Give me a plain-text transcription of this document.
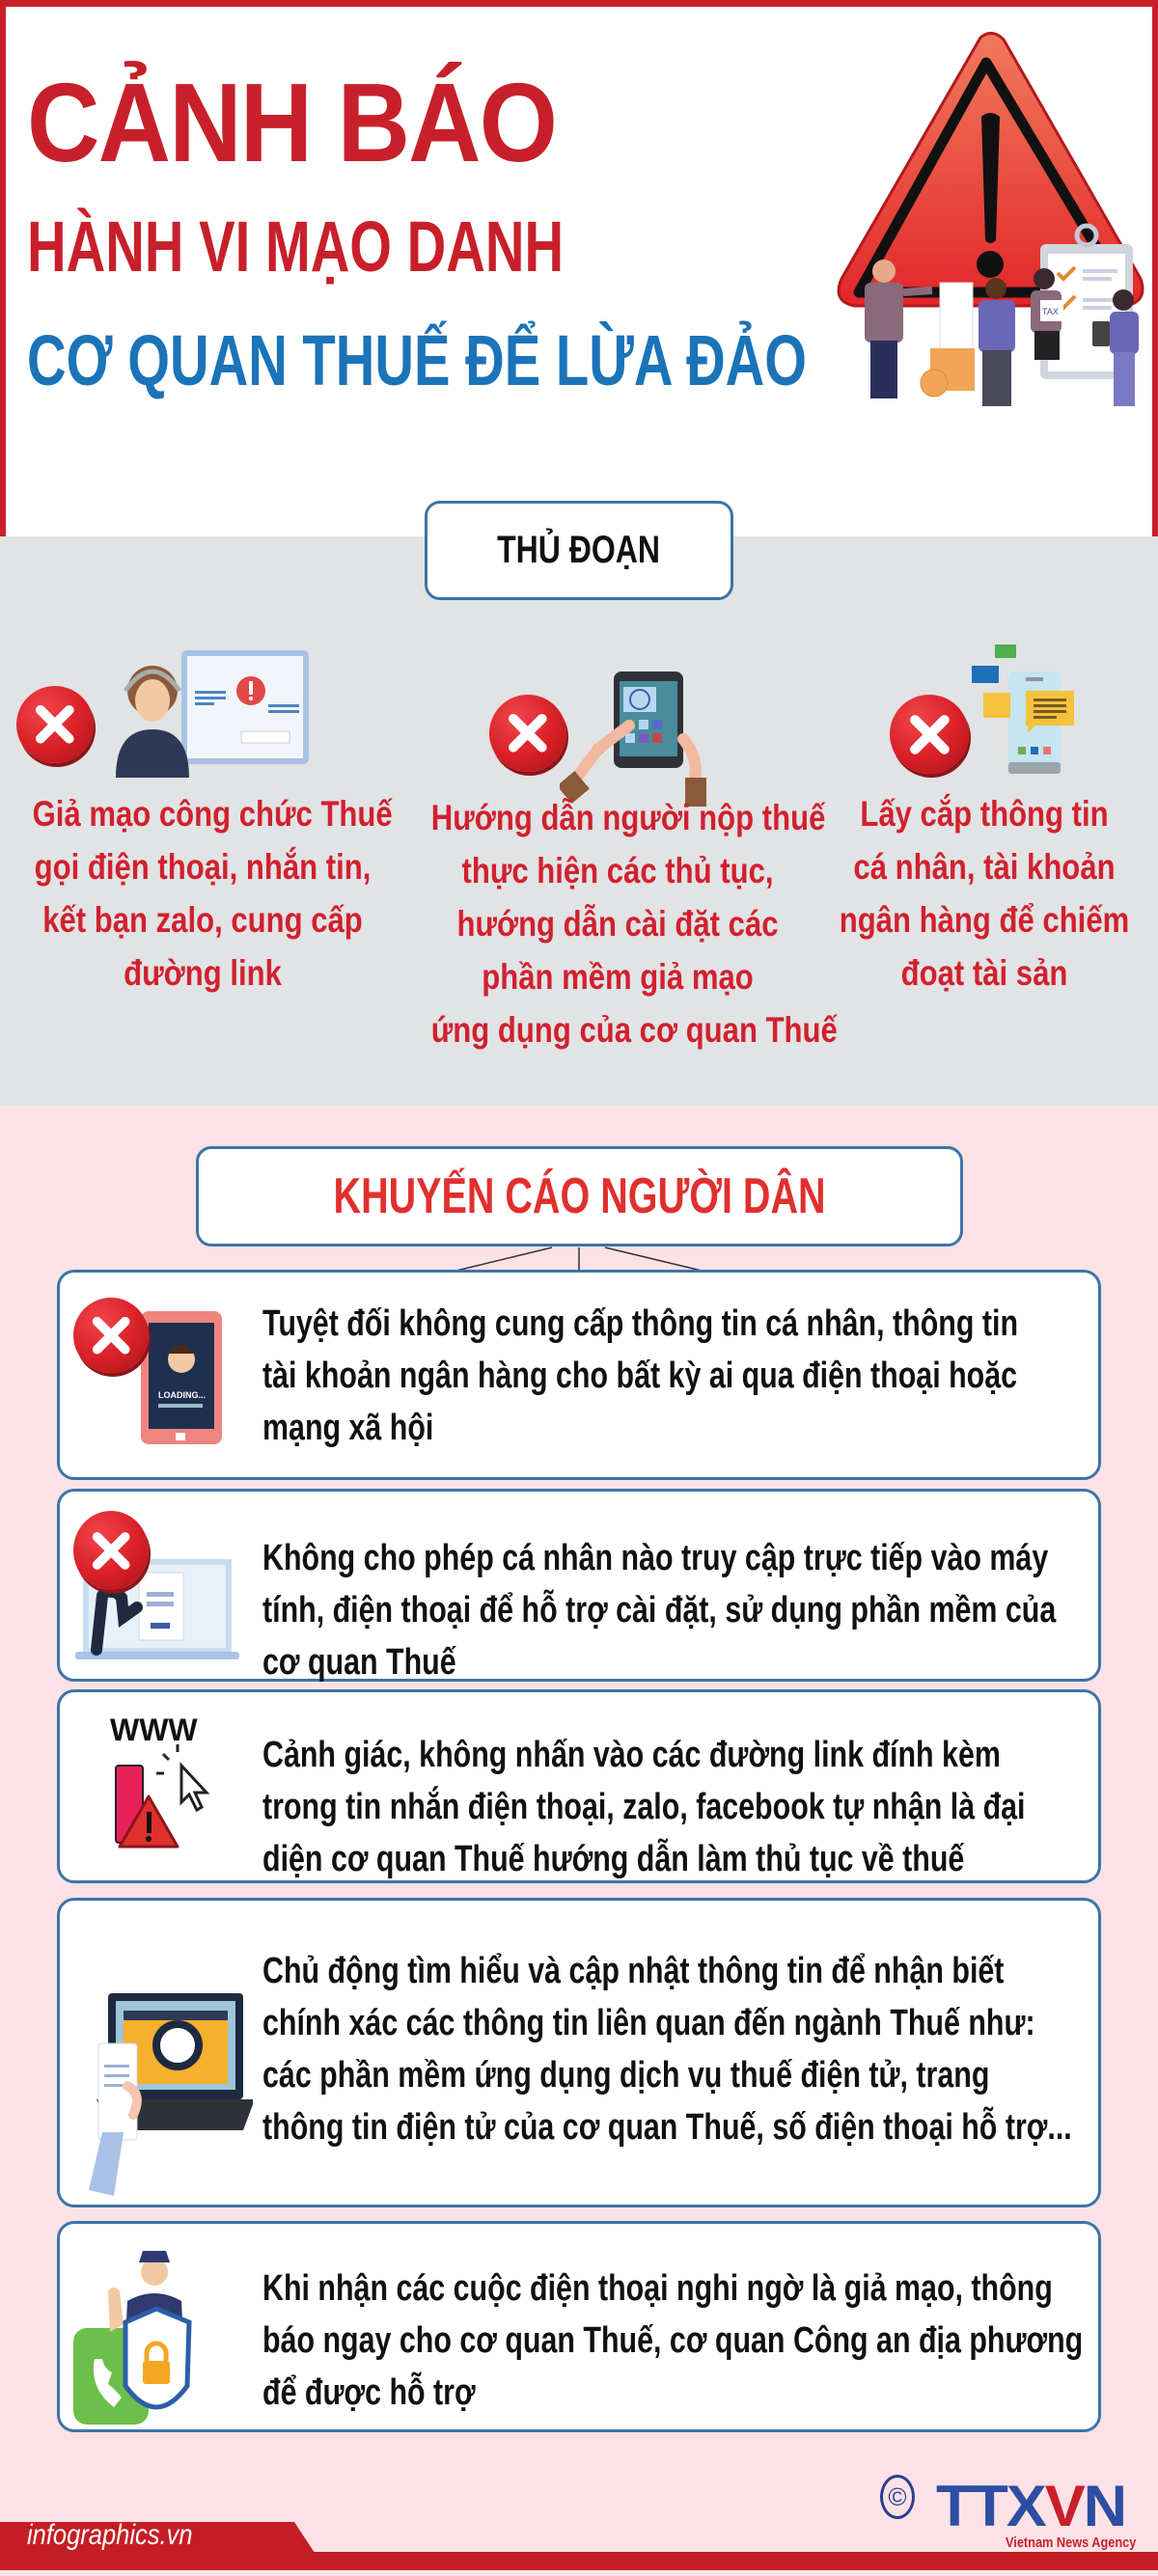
CẢNH BÁO
HÀNH VI MẠO DANH
CƠ QUAN THUẾ ĐỂ LỪA ĐẢO
TAX
Giả mạo công chức Thuế
gọi điện thoại, nhắn tin,
kết bạn zalo, cung cấp
đường link
Hướng dẫn người nộp thuế
thực hiện các thủ tục,
hướng dẫn cài đặt các
phần mềm giả mạo
ứng dụng của cơ quan Thuế
Lấy cắp thông tin
cá nhân, tài khoản
ngân hàng để chiếm
đoạt tài sản
THỦ ĐOẠN
KHUYẾN CÁO NGƯỜI DÂN
LOADING...
Tuyệt đối không cung cấp thông tin cá nhân, thông tin
tài khoản ngân hàng cho bất kỳ ai qua điện thoại hoặc
mạng xã hội
Không cho phép cá nhân nào truy cập trực tiếp vào máy
tính, điện thoại để hỗ trợ cài đặt, sử dụng phần mềm của
cơ quan Thuế
WWW
Cảnh giác, không nhấn vào các đường link đính kèm
trong tin nhắn điện thoại, zalo, facebook tự nhận là đại
diện cơ quan Thuế hướng dẫn làm thủ tục về thuế
Chủ động tìm hiểu và cập nhật thông tin để nhận biết
chính xác các thông tin liên quan đến ngành Thuế như:
các phần mềm ứng dụng dịch vụ thuế điện tử, trang
thông tin điện tử của cơ quan Thuế, số điện thoại hỗ trợ...
Khi nhận các cuộc điện thoại nghi ngờ là giả mạo, thông
báo ngay cho cơ quan Thuế, cơ quan Công an địa phương
để được hỗ trợ
© TTXVN
Vietnam News Agency
infographics.vn
